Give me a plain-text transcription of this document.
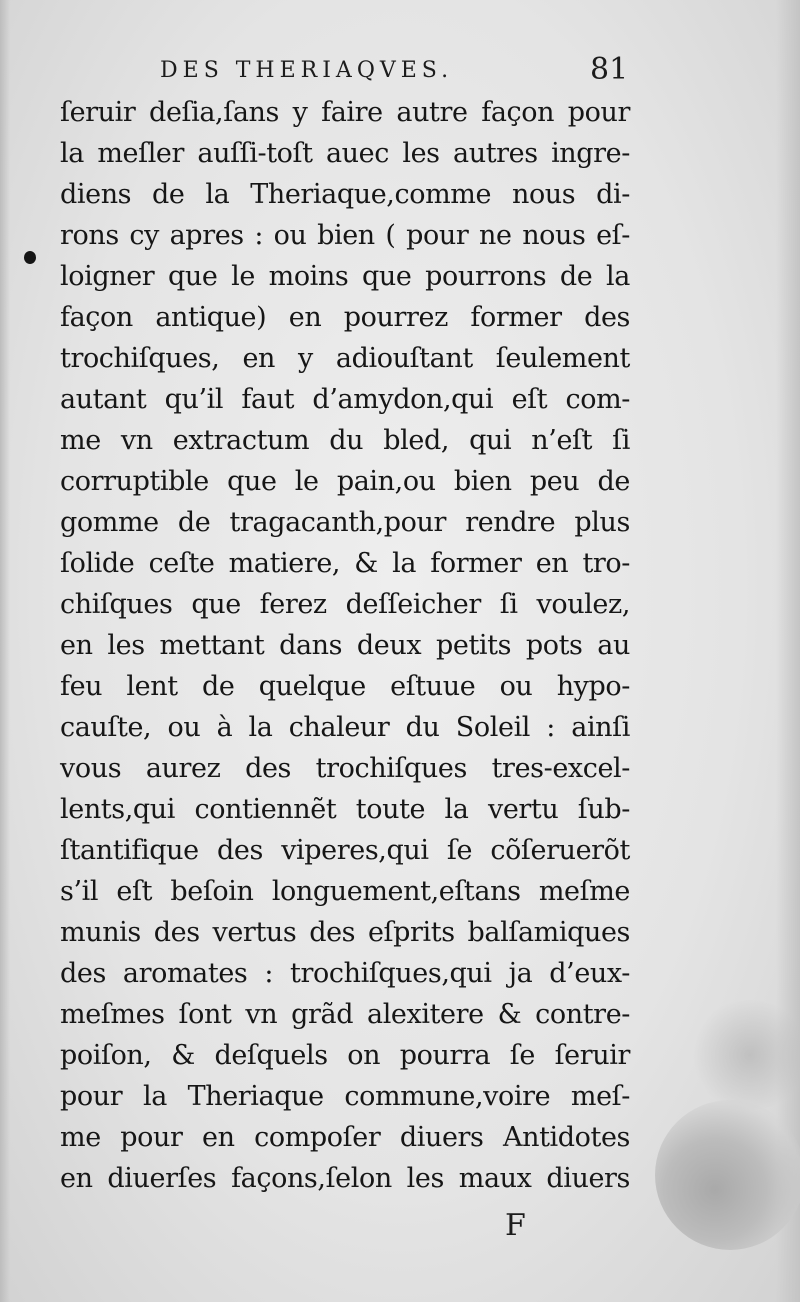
DES THERIAQVES.	81
ſeruir deſia,ſans y faire autre façon pour
la meſler auſſi-toſt auec les autres ingre-
diens de la Theriaque,comme nous di-
rons cy apres : ou bien ( pour ne nous eſ-
loigner que le moins que pourrons de la
façon antique) en pourrez former des
trochiſques, en y adiouſtant ſeulement
autant qu’il faut d’amydon,qui eſt com-
me vn extractum du bled, qui n’eſt ſi
corruptible que le pain,ou bien peu de
gomme de tragacanth,pour rendre plus
ſolide ceſte matiere, & la former en tro-
chiſques que ferez deſſeicher ſi voulez,
en les mettant dans deux petits pots au
feu lent de quelque eſtuue ou hypo-
cauſte, ou à la chaleur du Soleil : ainſi
vous aurez des trochiſques tres-excel-
lents,qui contiennẽt toute la vertu ſub-
ſtantifique des viperes,qui ſe cõſeruerõt
s’il eſt beſoin longuement,eſtans meſme
munis des vertus des eſprits balſamiques
des aromates : trochiſques,qui ja d’eux-
meſmes ſont vn grãd alexitere & contre-
poiſon, & deſquels on pourra ſe ſeruir
pour la Theriaque commune,voire meſ-
me pour en compoſer diuers Antidotes
en diuerſes façons,ſelon les maux diuers
F
